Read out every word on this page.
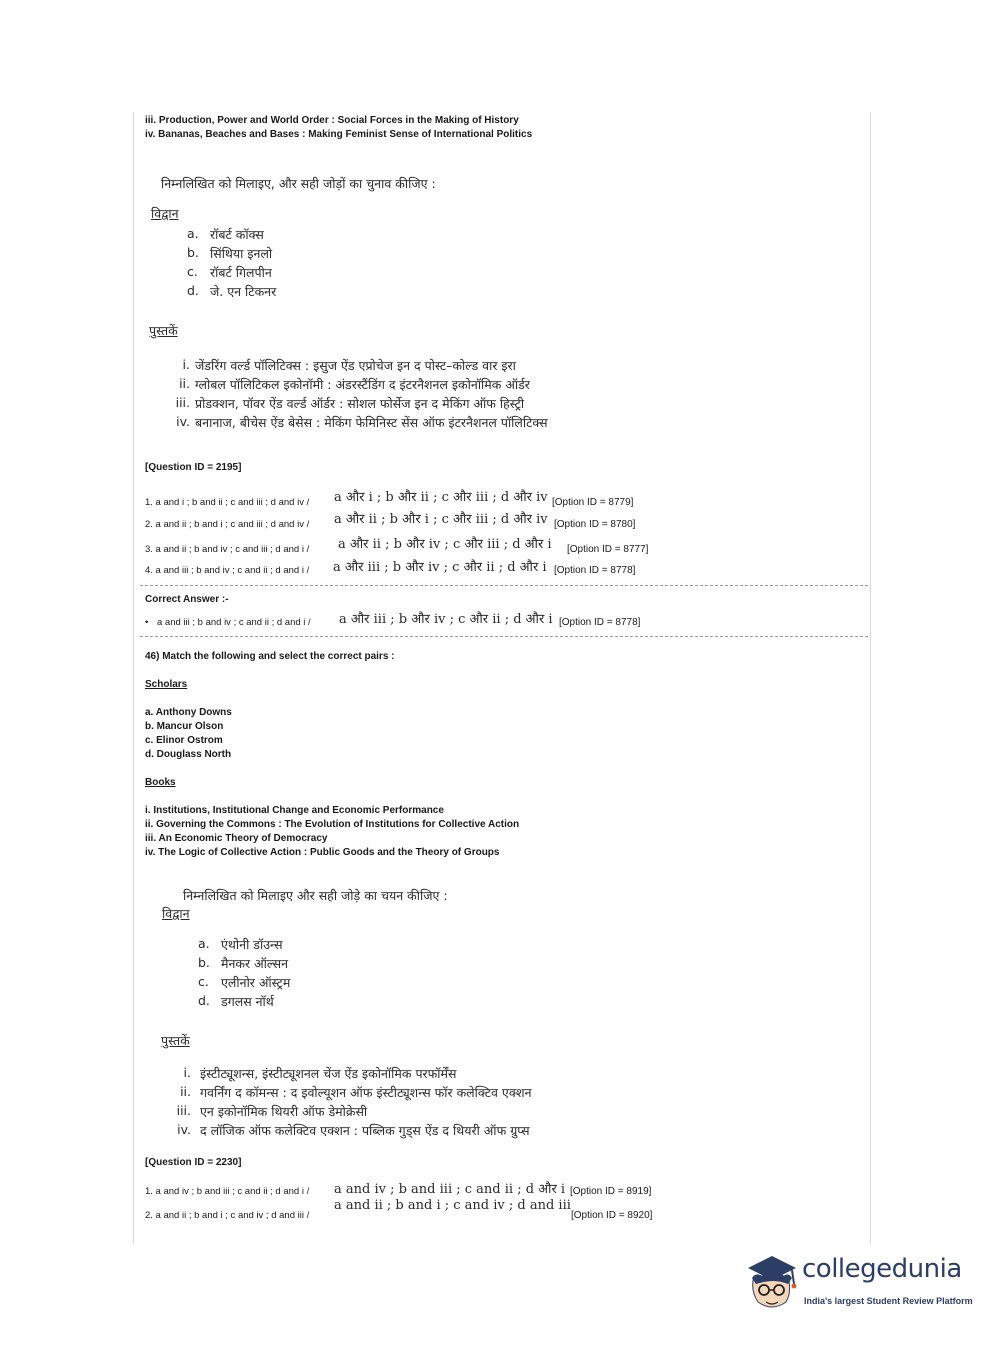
iii. Production, Power and World Order : Social Forces in the Making of History
iv. Bananas, Beaches and Bases : Making Feminist Sense of International Politics
निम्नलिखित को मिलाइए, और सही जोड़ों का चुनाव कीजिए :
विद्वान
a. रॉबर्ट कॉक्स
b. सिंथिया इनलो
c. रॉबर्ट गिलपीन
d. जे. एन टिकनर
पुस्तकें
i. जेंडरिंग वर्ल्ड पॉलिटिक्स : इसुज ऐंड एप्रोचेज इन द पोस्ट–कोल्ड वार इरा
ii. ग्लोबल पॉलिटिकल इकोनॉमी : अंडरस्टैंडिंग द इंटरनैशनल इकोनॉमिक ऑर्डर
iii. प्रोडक्शन, पॉवर ऐंड वर्ल्ड ऑर्डर : सोशल फोर्सेज इन द मेकिंग ऑफ हिस्ट्री
iv. बनानाज, बीचेस ऐंड बेसेस : मेकिंग फेमिनिस्ट सेंस ऑफ इंटरनैशनल पॉलिटिक्स
[Question ID = 2195]
1. a and i ; b and ii ; c and iii ; d and iv / a और i ; b और ii ; c और iii ; d और iv [Option ID = 8779]
2. a and ii ; b and i ; c and iii ; d and iv / a और ii ; b और i ; c और iii ; d और iv [Option ID = 8780]
3. a and ii ; b and iv ; c and iii ; d and i / a और ii ; b और iv ; c और iii ; d और i [Option ID = 8777]
4. a and iii ; b and iv ; c and ii ; d and i / a और iii ; b और iv ; c और ii ; d और i [Option ID = 8778]
Correct Answer :-
• a and iii ; b and iv ; c and ii ; d and i / a और iii ; b और iv ; c और ii ; d और i [Option ID = 8778]
46) Match the following and select the correct pairs :
Scholars
a. Anthony Downs
b. Mancur Olson
c. Elinor Ostrom
d. Douglass North
Books
i. Institutions, Institutional Change and Economic Performance
ii. Governing the Commons : The Evolution of Institutions for Collective Action
iii. An Economic Theory of Democracy
iv. The Logic of Collective Action : Public Goods and the Theory of Groups
निम्नलिखित को मिलाइए और सही जोड़े का चयन कीजिए :
विद्वान
a. एंथोनी डॉउन्स
b. मैनकर ऑल्सन
c. एलीनोर ऑस्ट्रम
d. डगलस नॉर्थ
पुस्तकें
i. इंस्टीट्यूशन्स, इंस्टीट्यूशनल चेंज ऐंड इकोनॉमिक परफॉर्मेंस
ii. गवर्निंग द कॉमन्स : द इवोल्यूशन ऑफ इंस्टीट्यूशन्स फॉर कलेक्टिव एक्शन
iii. एन इकोनॉमिक थियरी ऑफ डेमोक्रेसी
iv. द लॉजिक ऑफ कलेक्टिव एक्शन : पब्लिक गुड्स ऐंड द थियरी ऑफ ग्रुप्स
[Question ID = 2230]
1. a and iv ; b and iii ; c and ii ; d and i / a and iv ; b and iii ; c and ii ; d और i [Option ID = 8919]
2. a and ii ; b and i ; c and iv ; d and iii /
a and ii ; b and i ; c and iv ; d and iii
[Option ID = 8920]
collegedunia
India's largest Student Review Platform
